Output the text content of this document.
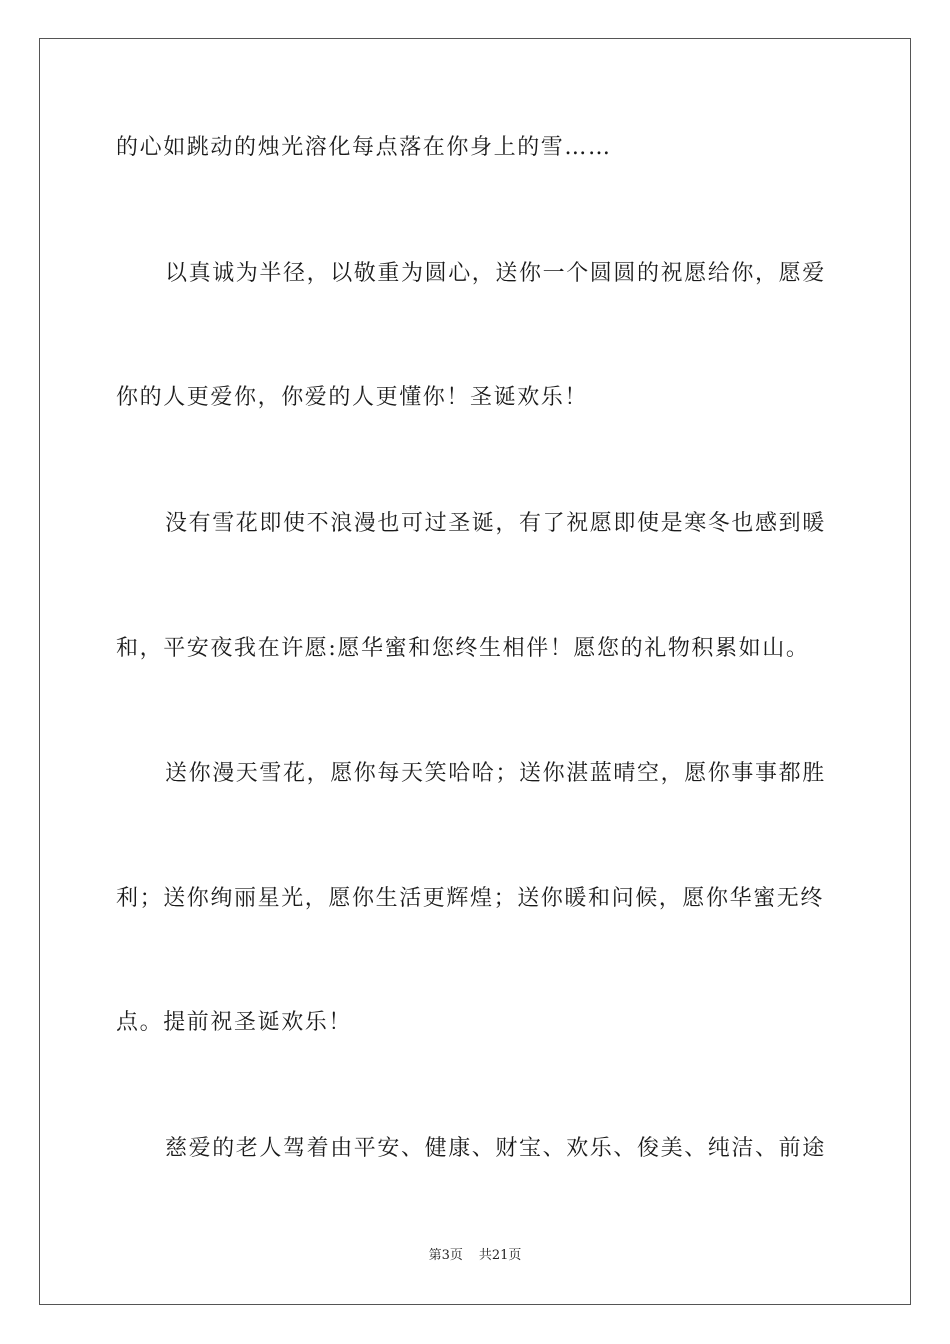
的心如跳动的烛光溶化每点落在你身上的雪……
以真诚为半径，以敬重为圆心，送你一个圆圆的祝愿给你，愿爱
你的人更爱你，你爱的人更懂你！圣诞欢乐！
没有雪花即使不浪漫也可过圣诞，有了祝愿即使是寒冬也感到暖
和，平安夜我在许愿:愿华蜜和您终生相伴！愿您的礼物积累如山。
送你漫天雪花，愿你每天笑哈哈；送你湛蓝晴空，愿你事事都胜
利；送你绚丽星光，愿你生活更辉煌；送你暖和问候，愿你华蜜无终
点。提前祝圣诞欢乐！
慈爱的老人驾着由平安、健康、财宝、欢乐、俊美、纯洁、前途
第3页 共21页
